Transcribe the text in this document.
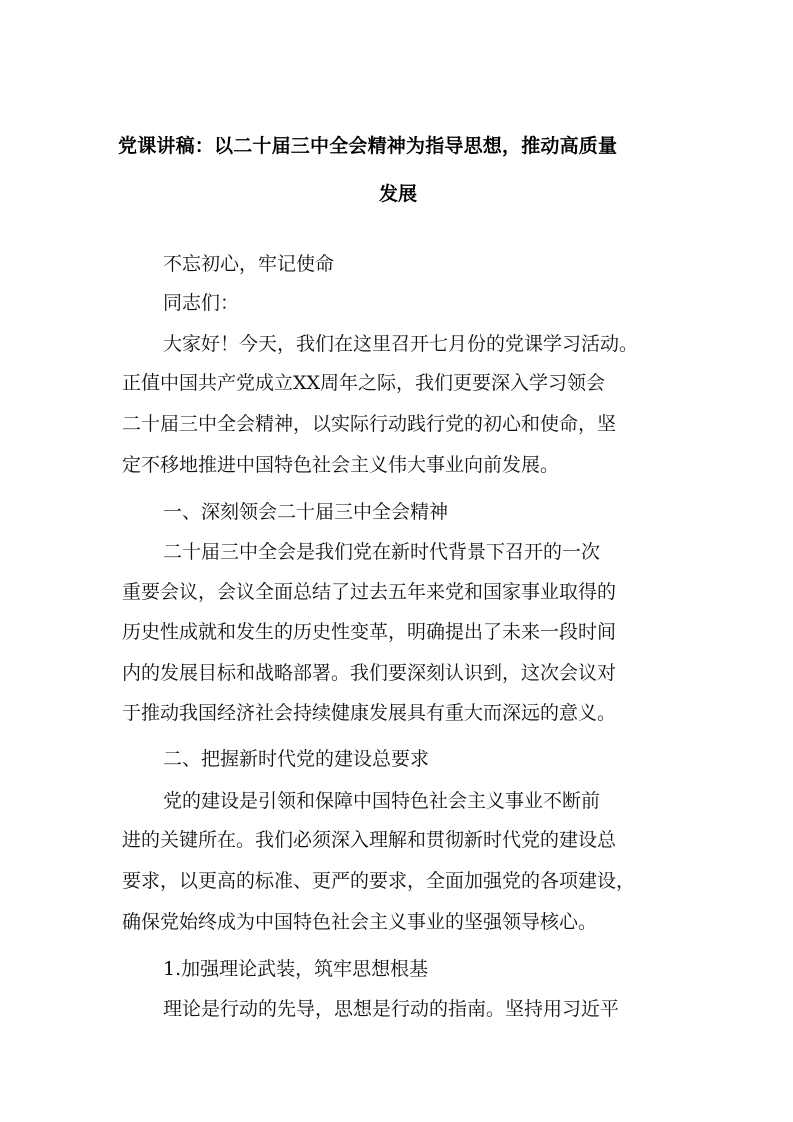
党课讲稿：以二十届三中全会精神为指导思想，推动高质量
发展
不忘初心，牢记使命
同志们：
大家好！今天，我们在这里召开七月份的党课学习活动。
正值中国共产党成立XX周年之际，我们更要深入学习领会
二十届三中全会精神，以实际行动践行党的初心和使命，坚
定不移地推进中国特色社会主义伟大事业向前发展。
一、深刻领会二十届三中全会精神
二十届三中全会是我们党在新时代背景下召开的一次
重要会议，会议全面总结了过去五年来党和国家事业取得的
历史性成就和发生的历史性变革，明确提出了未来一段时间
内的发展目标和战略部署。我们要深刻认识到，这次会议对
于推动我国经济社会持续健康发展具有重大而深远的意义。
二、把握新时代党的建设总要求
党的建设是引领和保障中国特色社会主义事业不断前
进的关键所在。我们必须深入理解和贯彻新时代党的建设总
要求，以更高的标准、更严的要求，全面加强党的各项建设，
确保党始终成为中国特色社会主义事业的坚强领导核心。
1.加强理论武装，筑牢思想根基
理论是行动的先导，思想是行动的指南。坚持用习近平
